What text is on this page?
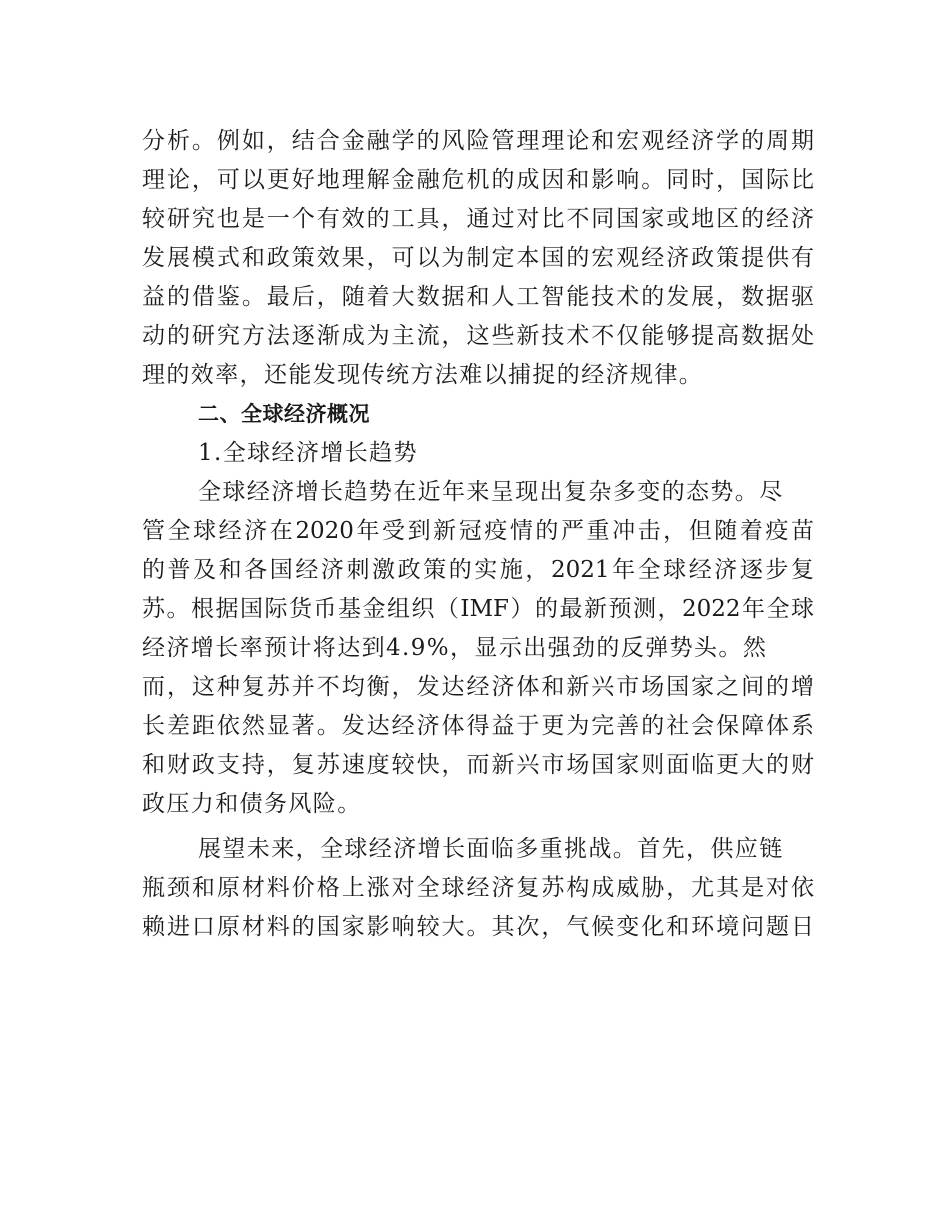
分析。例如，结合金融学的风险管理理论和宏观经济学的周期
理论，可以更好地理解金融危机的成因和影响。同时，国际比
较研究也是一个有效的工具，通过对比不同国家或地区的经济
发展模式和政策效果，可以为制定本国的宏观经济政策提供有
益的借鉴。最后，随着大数据和人工智能技术的发展，数据驱
动的研究方法逐渐成为主流，这些新技术不仅能够提高数据处
理的效率，还能发现传统方法难以捕捉的经济规律。
二、全球经济概况
1.全球经济增长趋势
全球经济增长趋势在近年来呈现出复杂多变的态势。尽
管全球经济在2020年受到新冠疫情的严重冲击，但随着疫苗
的普及和各国经济刺激政策的实施，2021年全球经济逐步复
苏。根据国际货币基金组织（IMF）的最新预测，2022年全球
经济增长率预计将达到4.9%，显示出强劲的反弹势头。然
而，这种复苏并不均衡，发达经济体和新兴市场国家之间的增
长差距依然显著。发达经济体得益于更为完善的社会保障体系
和财政支持，复苏速度较快，而新兴市场国家则面临更大的财
政压力和债务风险。
展望未来，全球经济增长面临多重挑战。首先，供应链
瓶颈和原材料价格上涨对全球经济复苏构成威胁，尤其是对依
赖进口原材料的国家影响较大。其次，气候变化和环境问题日
